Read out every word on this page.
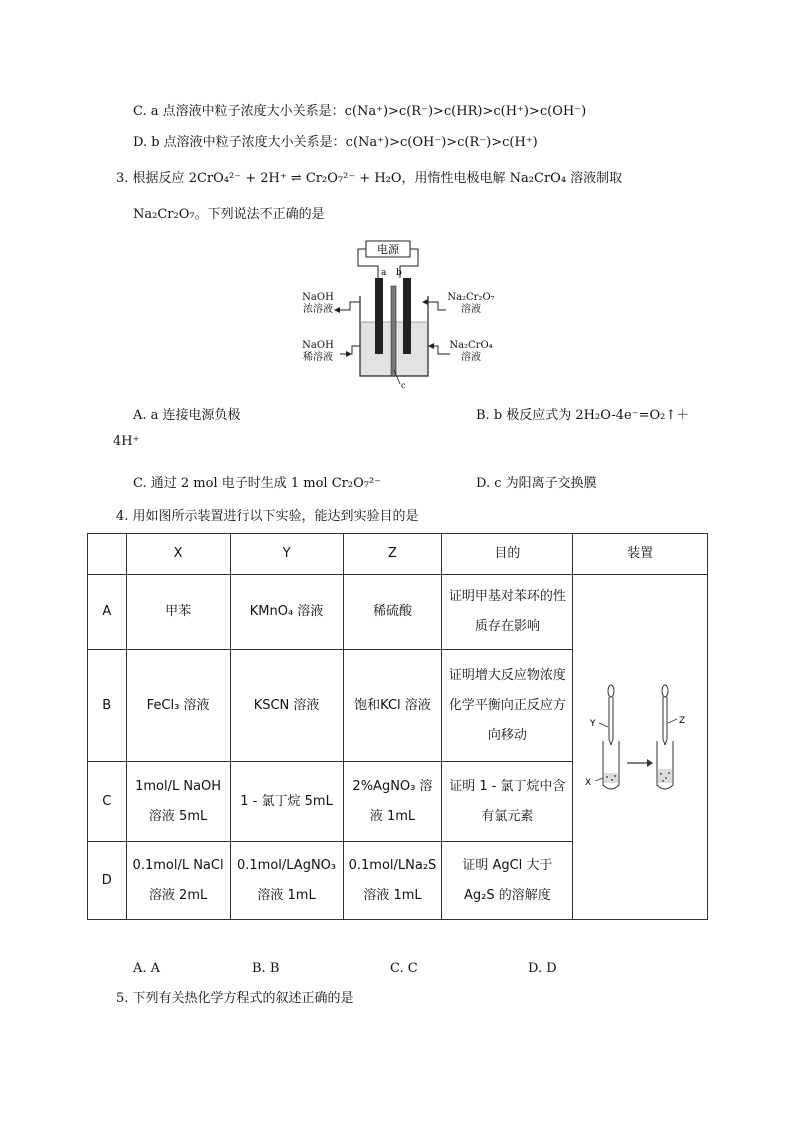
C. a 点溶液中粒子浓度大小关系是：c(Na⁺)>c(R⁻)>c(HR)>c(H⁺)>c(OH⁻)
D. b 点溶液中粒子浓度大小关系是：c(Na⁺)>c(OH⁻)>c(R⁻)>c(H⁺)
3. 根据反应 2CrO₄²⁻ + 2H⁺ ⇌ Cr₂O₇²⁻ + H₂O，用惰性电极电解 Na₂CrO₄ 溶液制取
Na₂Cr₂O₇。下列说法不正确的是
电源
a b
c
NaOH
浓溶液
NaOH
稀溶液
Na₂Cr₂O₇
溶液
Na₂CrO₄
溶液
A. a 连接电源负极	B. b 极反应式为 2H₂O-4e⁻=O₂↑＋
4H⁺
C. 通过 2 mol 电子时生成 1 mol Cr₂O₇²⁻	D. c 为阳离子交换膜
4. 用如图所示装置进行以下实验，能达到实验目的是
	X	Y	Z	目的	装置
A	甲苯	KMnO₄ 溶液	稀硫酸	证明甲基对苯环的性质存在影响	Y
X
Z

B	FeCl₃ 溶液	KSCN 溶液	饱和KCl 溶液	证明增大反应物浓度化学平衡向正反应方向移动	
C	1mol/L NaOH 溶液 5mL	1 - 氯丁烷 5mL	2%AgNO₃ 溶液 1mL	证明 1 - 氯丁烷中含有氯元素	
D	0.1mol/L NaCl 溶液 2mL	0.1mol/LAgNO₃ 溶液 1mL	0.1mol/LNa₂S 溶液 1mL	证明 AgCl 大于 Ag₂S 的溶解度	
A. A	B. B	C. C	D. D
5. 下列有关热化学方程式的叙述正确的是
